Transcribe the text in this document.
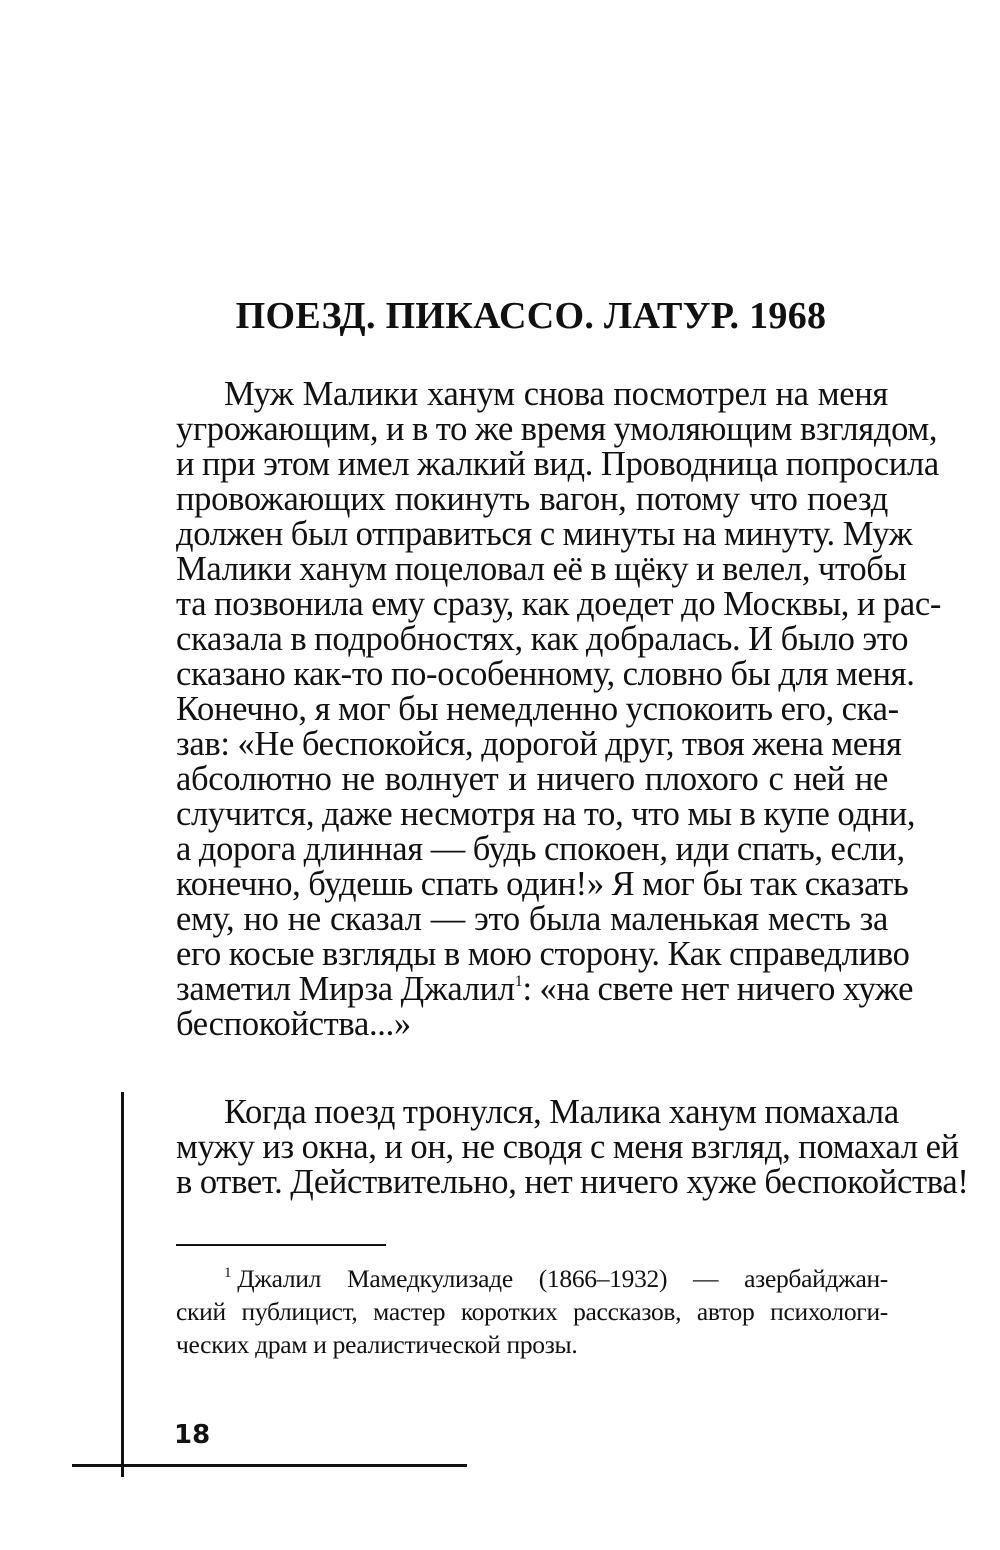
ПОЕЗД. ПИКАССО. ЛАТУР. 1968
Муж Малики ханум снова посмотрел на меня
угрожающим, и в то же время умоляющим взглядом,
и при этом имел жалкий вид. Проводница попросила
провожающих покинуть вагон, потому что поезд
должен был отправиться с минуты на минуту. Муж
Малики ханум поцеловал её в щёку и велел, чтобы
та позвонила ему сразу, как доедет до Москвы, и рас-
сказала в подробностях, как добралась. И было это
сказано как-то по-особенному, словно бы для меня.
Конечно, я мог бы немедленно успокоить его, ска-
зав: «Не беспокойся, дорогой друг, твоя жена меня
абсолютно не волнует и ничего плохого с ней не
случится, даже несмотря на то, что мы в купе одни,
а дорога длинная — будь спокоен, иди спать, если,
конечно, будешь спать один!» Я мог бы так сказать
ему, но не сказал — это была маленькая месть за
его косые взгляды в мою сторону. Как справедливо
заметил Мирза Джалил$^1$: «на свете нет ничего хуже
беспокойства...»
Когда поезд тронулся, Малика ханум помахала
мужу из окна, и он, не сводя с меня взгляд, помахал ей
в ответ. Действительно, нет ничего хуже беспокойства!
$^1$ Джалил Мамедкулизаде (1866–1932) — азербайджан-
ский публицист, мастер коротких рассказов, автор психологи-
ческих драм и реалистической прозы.
18
